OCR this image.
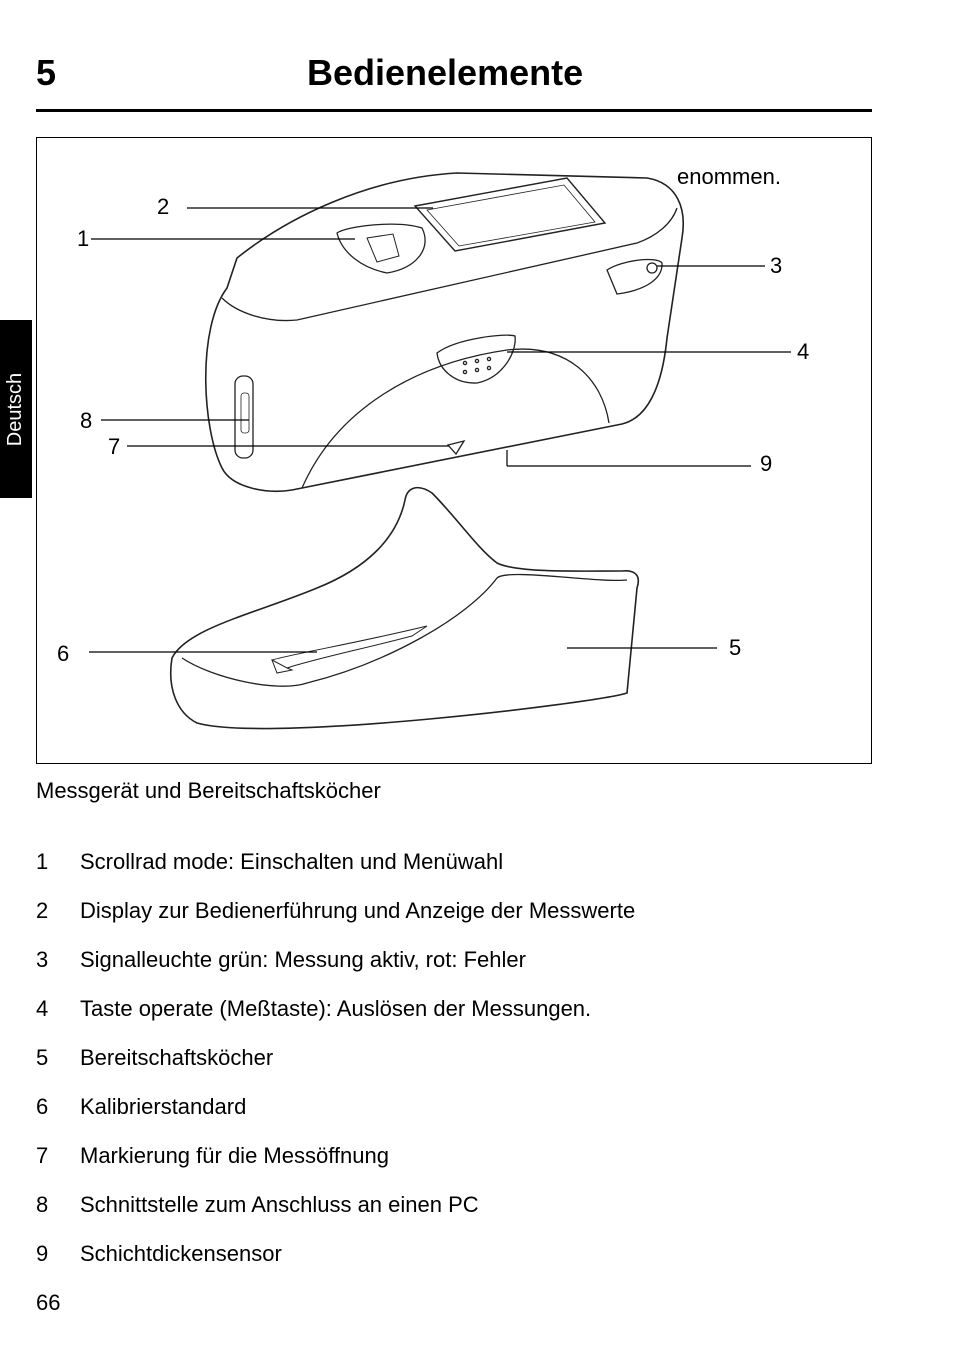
5	Bedienelemente
Deutsch
enommen.
1
2
3
4
5
6
7
8
9
Messgerät und Bereitschaftsköcher
1 Scrollrad mode: Einschalten und Menüwahl
2 Display zur Bedienerführung und Anzeige der Messwerte
3 Signalleuchte grün: Messung aktiv, rot: Fehler
4 Taste operate (Meßtaste): Auslösen der Messungen.
5 Bereitschaftsköcher
6 Kalibrierstandard
7 Markierung für die Messöffnung
8 Schnittstelle zum Anschluss an einen PC
9 Schichtdickensensor
66
